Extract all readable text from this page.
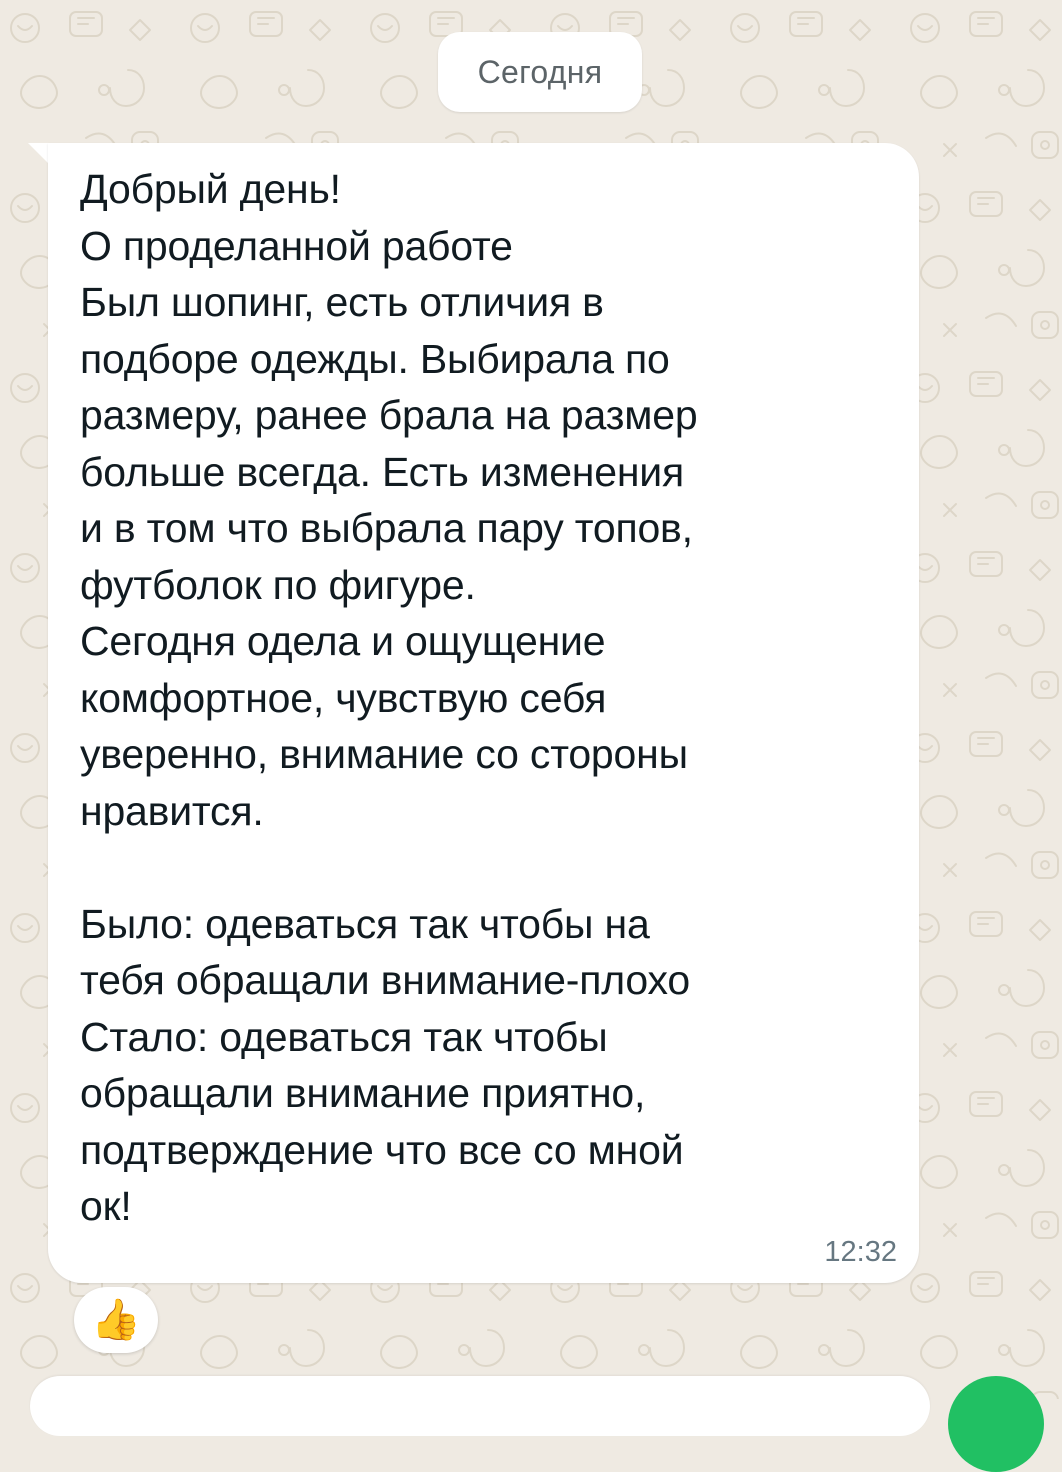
Сегодня
Добрый день!
О проделанной работе
Был шопинг, есть отличия в
подборе одежды. Выбирала по
размеру, ранее брала на размер
больше всегда. Есть изменения
и в том что выбрала пару топов,
футболок по фигуре.
Сегодня одела и ощущение
комфортное, чувствую себя
уверенно, внимание со стороны
нравится.

Было: одеваться так чтобы на
тебя обращали внимание-плохо
Стало: одеваться так чтобы
обращали внимание приятно,
подтверждение что все со мной
ок!
12:32
👍
